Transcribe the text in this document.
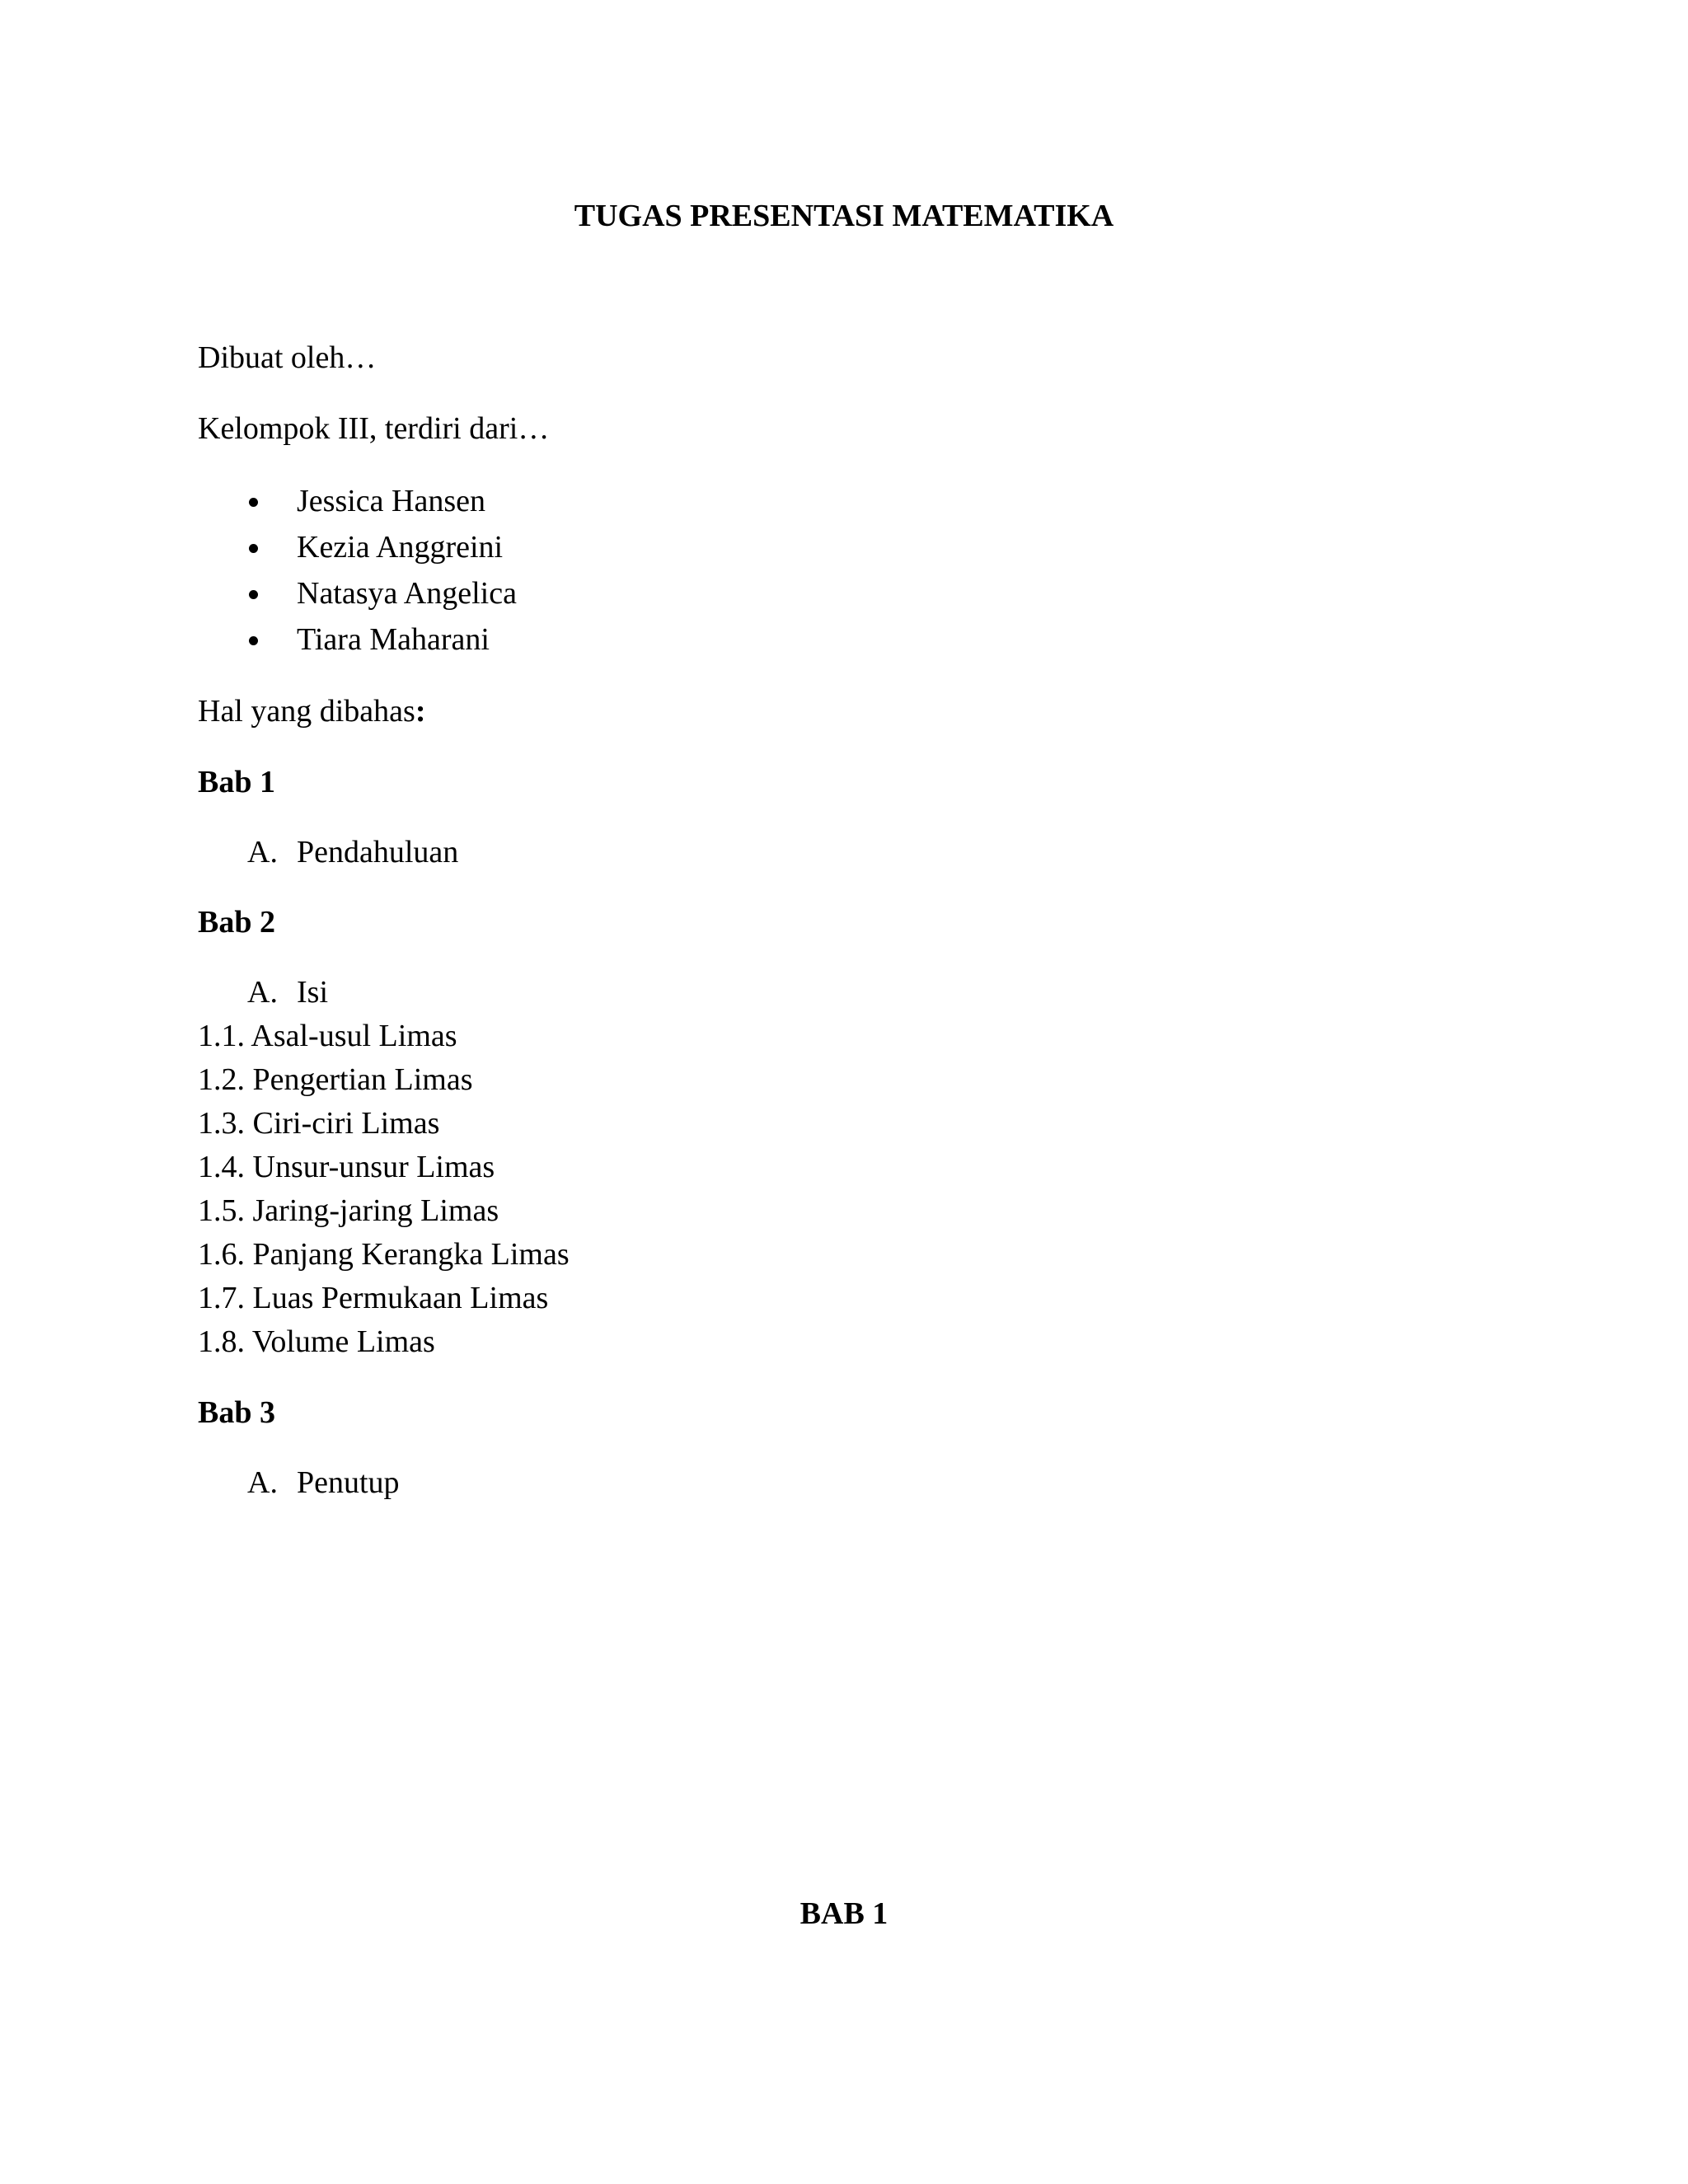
TUGAS PRESENTASI MATEMATIKA

Dibuat oleh…

Kelompok III, terdiri dari…

Jessica Hansen
Kezia Anggreini
Natasya Angelica
Tiara Maharani

Hal yang dibahas:

Bab 1

A. Pendahuluan

Bab 2

A. Isi

1.1. Asal-usul Limas

1.2. Pengertian Limas

1.3. Ciri-ciri Limas

1.4. Unsur-unsur Limas

1.5. Jaring-jaring Limas

1.6. Panjang Kerangka Limas

1.7. Luas Permukaan Limas

1.8. Volume Limas

Bab 3

A. Penutup

BAB 1
